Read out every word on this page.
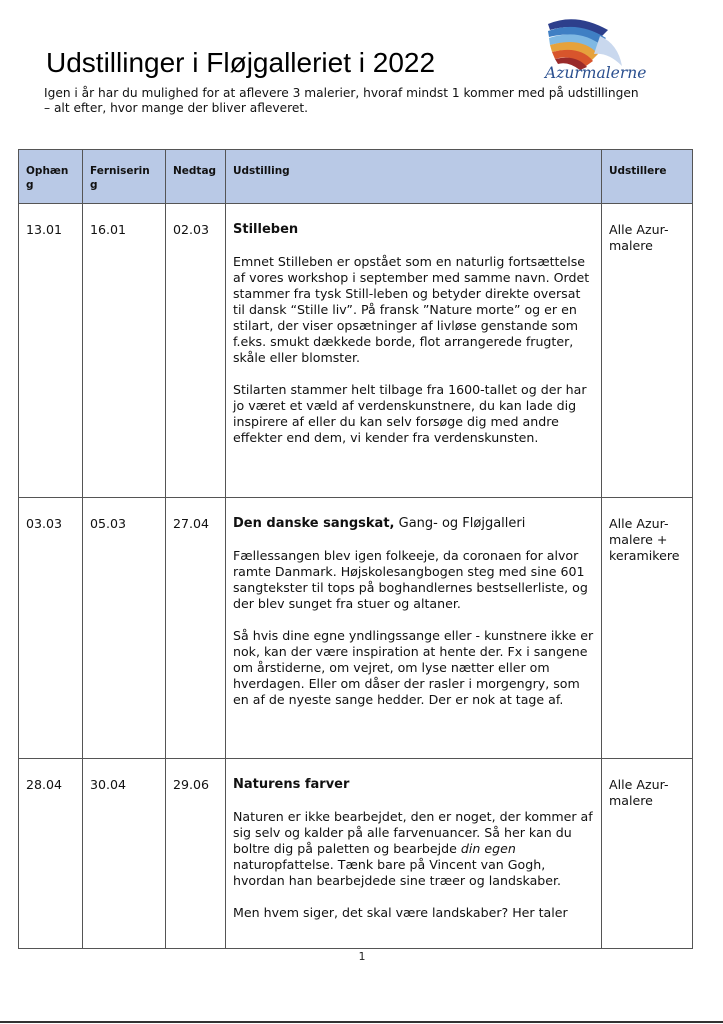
Udstillinger i Fløjgalleriet i 2022	Azurmalerne
Igen i år har du mulighed for at aflevere 3 malerier, hvoraf mindst 1 kommer med på udstillingen – alt efter, hvor mange der bliver afleveret.
Ophæn g	Ferniserin g	Nedtag	Udstilling	Udstillere
13.01	16.01	02.03	Stilleben

Emnet Stilleben er opstået som en naturlig fortsættelse af vores workshop i september med samme navn. Ordet stammer fra tysk Still-leben og betyder direkte oversat til dansk “Stille liv”. På fransk ”Nature morte” og er en stilart, der viser opsætninger af livløse genstande som f.eks. smukt dækkede borde, flot arrangerede frugter, skåle eller blomster.

Stilarten stammer helt tilbage fra 1600-tallet og der har jo været et væld af verdenskunstnere, du kan lade dig inspirere af eller du kan selv forsøge dig med andre effekter end dem, vi kender fra verdenskunsten.	Alle Azur-malere
03.03	05.03	27.04	Den danske sangskat, Gang- og Fløjgalleri

Fællessangen blev igen folkeeje, da coronaen for alvor ramte Danmark. Højskolesangbogen steg med sine 601 sangtekster til tops på boghandlernes bestsellerliste, og der blev sunget fra stuer og altaner.

Så hvis dine egne yndlingssange eller - kunstnere ikke er nok, kan der være inspiration at hente der. Fx i sangene om årstiderne, om vejret, om lyse nætter eller om hverdagen. Eller om dåser der rasler i morgengry, som en af de nyeste sange hedder. Der er nok at tage af.	Alle Azur-malere + keramikere
28.04	30.04	29.06	Naturens farver

Naturen er ikke bearbejdet, den er noget, der kommer af sig selv og kalder på alle farvenuancer. Så her kan du boltre dig på paletten og bearbejde din egen naturopfattelse. Tænk bare på Vincent van Gogh, hvordan han bearbejdede sine træer og landskaber.

Men hvem siger, det skal være landskaber? Her taler	Alle Azur-malere
1
